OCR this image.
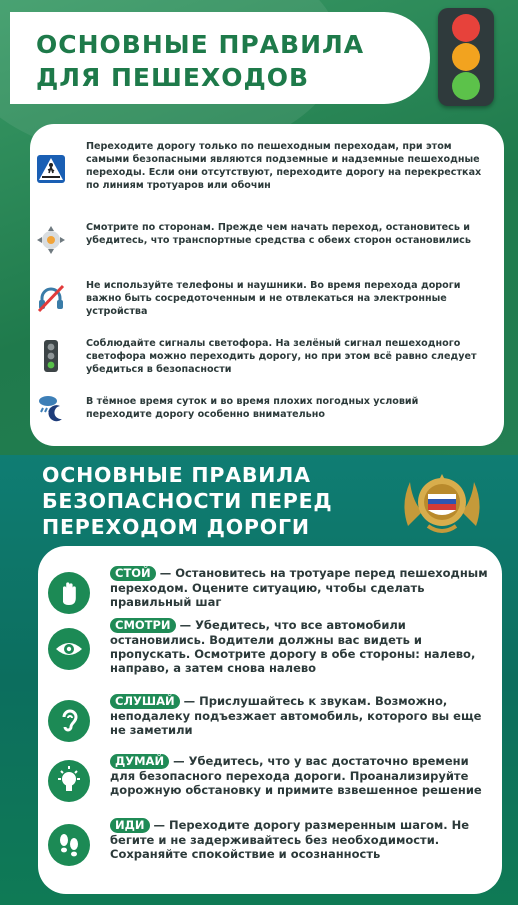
ОСНОВНЫЕ ПРАВИЛА
ДЛЯ ПЕШЕХОДОВ
Переходите дорогу только по пешеходным переходам, при этом самыми безопасными являются подземные и надземные пешеходные переходы. Если они отсутствуют, переходите дорогу на перекрестках по линиям тротуаров или обочин
Смотрите по сторонам. Прежде чем начать переход, остановитесь и убедитесь, что транспортные средства с обеих сторон остановились
Не используйте телефоны и наушники. Во время перехода дороги важно быть сосредоточенным и не отвлекаться на электронные устройства
Соблюдайте сигналы светофора. На зелёный сигнал пешеходного светофора можно переходить дорогу, но при этом всё равно следует убедиться в безопасности
В тёмное время суток и во время плохих погодных условий переходите дорогу особенно внимательно
ОСНОВНЫЕ ПРАВИЛА
БЕЗОПАСНОСТИ ПЕРЕД
ПЕРЕХОДОМ ДОРОГИ
СТОЙ — Остановитесь на тротуаре перед пешеходным переходом. Оцените ситуацию, чтобы сделать правильный шаг
СМОТРИ — Убедитесь, что все автомобили остановились. Водители должны вас видеть и пропускать. Осмотрите дорогу в обе стороны: налево, направо, а затем снова налево
СЛУШАЙ — Прислушайтесь к звукам. Возможно, неподалеку подъезжает автомобиль, которого вы еще не заметили
ДУМАЙ — Убедитесь, что у вас достаточно времени для безопасного перехода дороги. Проанализируйте дорожную обстановку и примите взвешенное решение
ИДИ — Переходите дорогу размеренным шагом. Не бегите и не задерживайтесь без необходимости. Сохраняйте спокойствие и осознанность
